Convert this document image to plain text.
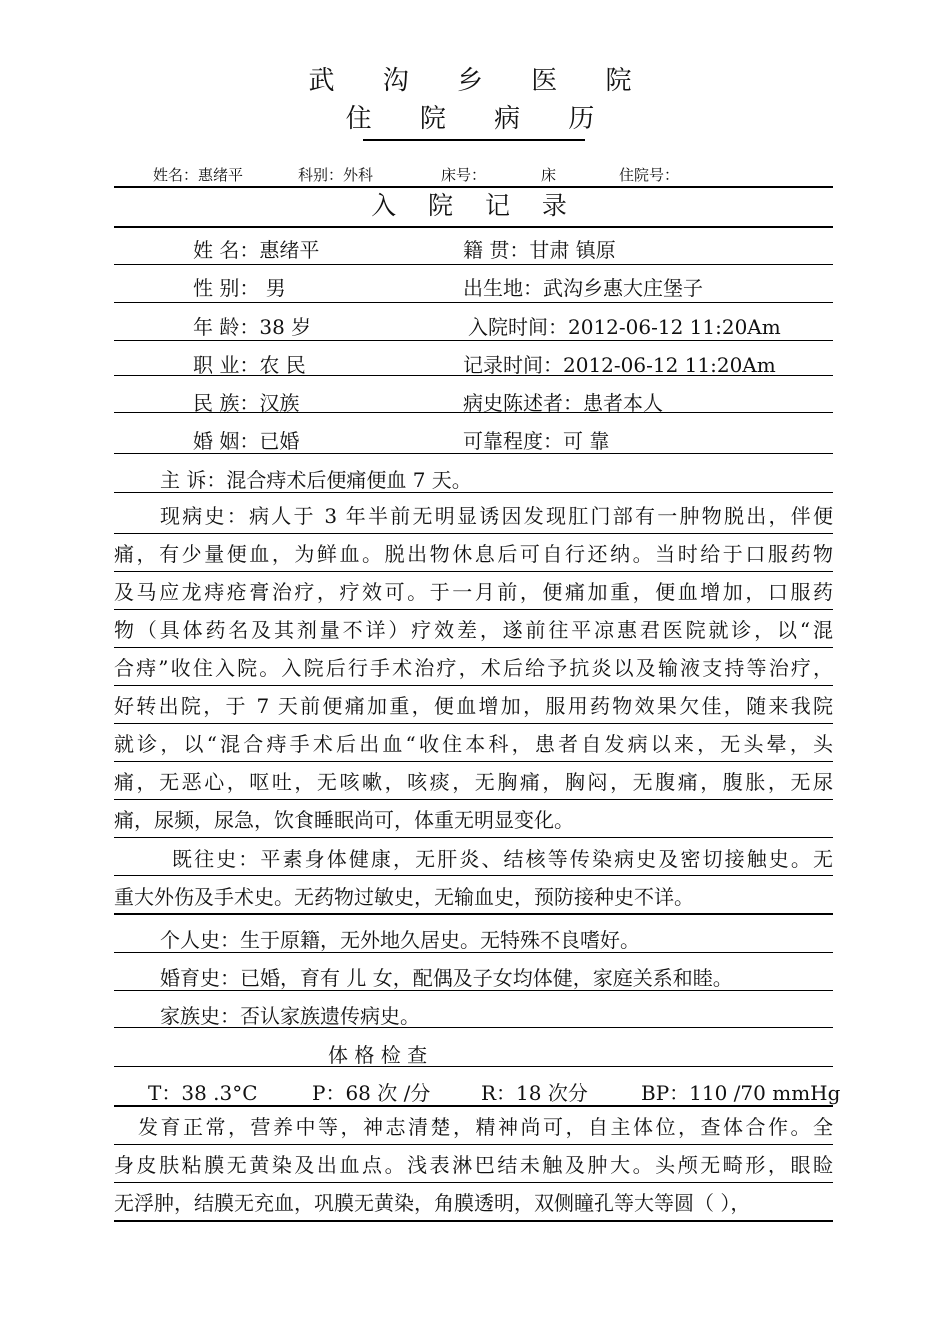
武 沟 乡 医 院
住 院 病 历
姓名：惠绪平	科别：外科	床号：	床	住院号：
入 院 记 录
姓 名：惠绪平	籍 贯：甘肃 镇原
性 别： 男	出生地：武沟乡惠大庄堡子
年 龄：38 岁	入院时间：2012-06-12 11:20Am
职 业：农 民	记录时间：2012-06-12 11:20Am
民 族：汉族	病史陈述者：患者本人
婚 姻：已婚	可靠程度：可 靠
主 诉：混合痔术后便痛便血 7 天。
现病史：病人于 3 年半前无明显诱因发现肛门部有一肿物脱出，伴便
痛，有少量便血，为鲜血。脱出物休息后可自行还纳。当时给于口服药物
及马应龙痔疮膏治疗，疗效可。于一月前，便痛加重，便血增加，口服药
物（具体药名及其剂量不详）疗效差，遂前往平凉惠君医院就诊，以“混
合痔”收住入院。入院后行手术治疗，术后给予抗炎以及输液支持等治疗，
好转出院，于 7 天前便痛加重，便血增加，服用药物效果欠佳，随来我院
就诊，以“混合痔手术后出血“收住本科，患者自发病以来，无头晕，头
痛，无恶心，呕吐，无咳嗽，咳痰，无胸痛，胸闷，无腹痛，腹胀，无尿
痛，尿频，尿急，饮食睡眠尚可，体重无明显变化。
既往史：平素身体健康，无肝炎、结核等传染病史及密切接触史。无
重大外伤及手术史。无药物过敏史，无输血史，预防接种史不详。
个人史：生于原籍，无外地久居史。无特殊不良嗜好。
婚育史：已婚，育有 儿 女，配偶及子女均体健，家庭关系和睦。
家族史：否认家族遗传病史。
体 格 检 查
T：38 .3°C	P：68 次 /分	R：18 次分	BP：110 /70 mmHg
发育正常，营养中等，神志清楚，精神尚可，自主体位，查体合作。全
身皮肤粘膜无黄染及出血点。浅表淋巴结未触及肿大。头颅无畸形，眼睑
无浮肿，结膜无充血，巩膜无黄染，角膜透明，双侧瞳孔等大等圆（ ），
